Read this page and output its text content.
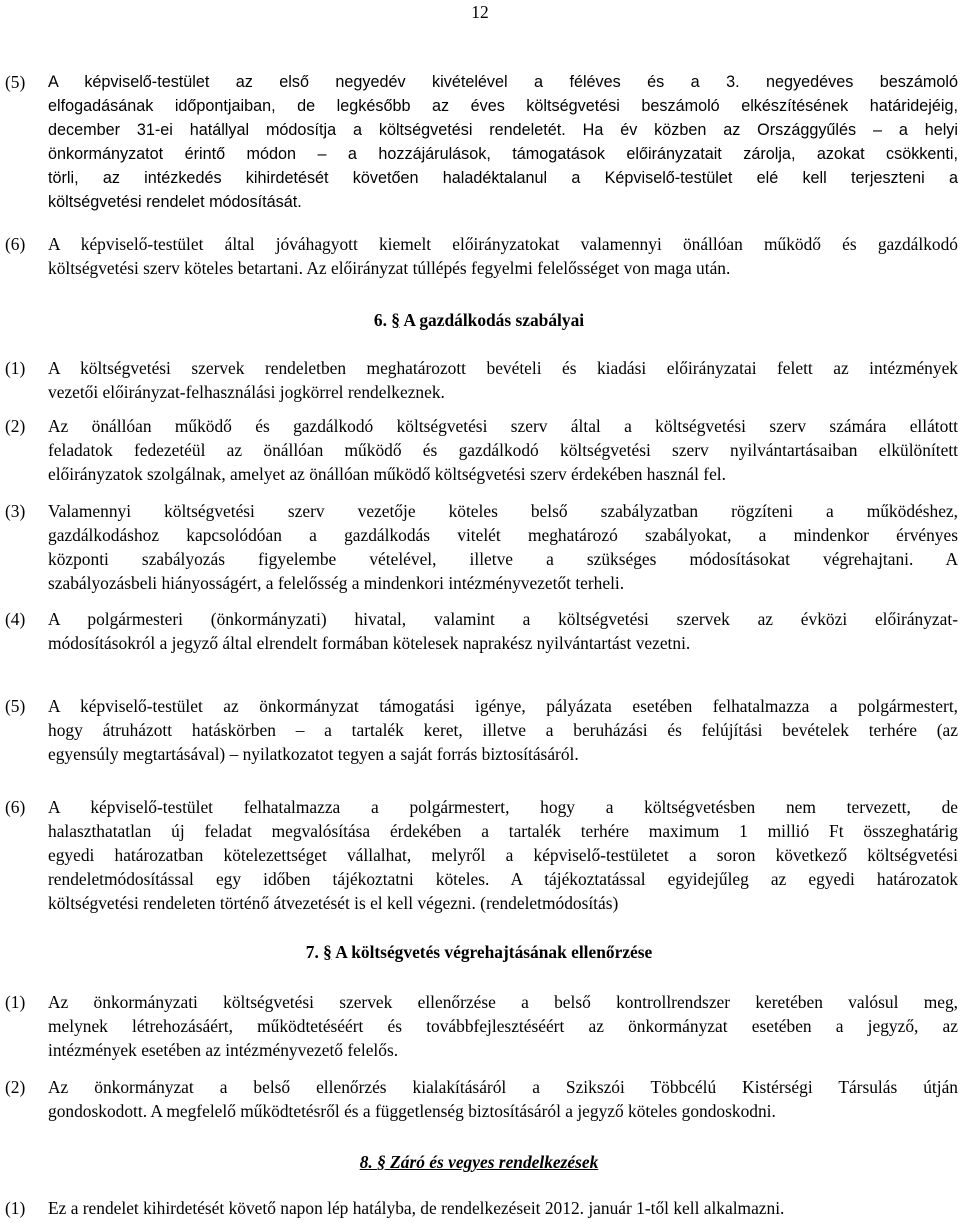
12
(5)	A képviselő-testület az első negyedév kivételével a féléves és a 3. negyedéves beszámoló
elfogadásának időpontjaiban, de legkésőbb az éves költségvetési beszámoló elkészítésének határidejéig,
december 31-ei hatállyal módosítja a költségvetési rendeletét. Ha év közben az Országgyűlés – a helyi
önkormányzatot érintő módon – a hozzájárulások, támogatások előirányzatait zárolja, azokat csökkenti,
törli, az intézkedés kihirdetését követően haladéktalanul a Képviselő-testület elé kell terjeszteni a
költségvetési rendelet módosítását.
(6)	A képviselő-testület által jóváhagyott kiemelt előirányzatokat valamennyi önállóan működő és gazdálkodó
költségvetési szerv köteles betartani. Az előirányzat túllépés fegyelmi felelősséget von maga után.
6. § A gazdálkodás szabályai
(1)	A költségvetési szervek rendeletben meghatározott bevételi és kiadási előirányzatai felett az intézmények
vezetői előirányzat-felhasználási jogkörrel rendelkeznek.
(2)	Az önállóan működő és gazdálkodó költségvetési szerv által a költségvetési szerv számára ellátott
feladatok fedezetéül az önállóan működő és gazdálkodó költségvetési szerv nyilvántartásaiban elkülönített
előirányzatok szolgálnak, amelyet az önállóan működő költségvetési szerv érdekében használ fel.
(3)	Valamennyi költségvetési szerv vezetője köteles belső szabályzatban rögzíteni a működéshez,
gazdálkodáshoz kapcsolódóan a gazdálkodás vitelét meghatározó szabályokat, a mindenkor érvényes
központi szabályozás figyelembe vételével, illetve a szükséges módosításokat végrehajtani. A
szabályozásbeli hiányosságért, a felelősség a mindenkori intézményvezetőt terheli.
(4)	A polgármesteri (önkormányzati) hivatal, valamint a költségvetési szervek az évközi előirányzat-
módosításokról a jegyző által elrendelt formában kötelesek naprakész nyilvántartást vezetni.
(5)	A képviselő-testület az önkormányzat támogatási igénye, pályázata esetében felhatalmazza a polgármestert,
hogy átruházott hatáskörben – a tartalék keret, illetve a beruházási és felújítási bevételek terhére (az
egyensúly megtartásával) – nyilatkozatot tegyen a saját forrás biztosításáról.
(6)	A képviselő-testület felhatalmazza a polgármestert, hogy a költségvetésben nem tervezett, de
halaszthatatlan új feladat megvalósítása érdekében a tartalék terhére maximum 1 millió Ft összeghatárig
egyedi határozatban kötelezettséget vállalhat, melyről a képviselő-testületet a soron következő költségvetési
rendeletmódosítással egy időben tájékoztatni köteles. A tájékoztatással egyidejűleg az egyedi határozatok
költségvetési rendeleten történő átvezetését is el kell végezni. (rendeletmódosítás)
7. § A költségvetés végrehajtásának ellenőrzése
(1)	Az önkormányzati költségvetési szervek ellenőrzése a belső kontrollrendszer keretében valósul meg,
melynek létrehozásáért, működtetéséért és továbbfejlesztéséért az önkormányzat esetében a jegyző, az
intézmények esetében az intézményvezető felelős.
(2)	Az önkormányzat a belső ellenőrzés kialakításáról a Szikszói Többcélú Kistérségi Társulás útján
gondoskodott. A megfelelő működtetésről és a függetlenség biztosításáról a jegyző köteles gondoskodni.
8. § Záró és vegyes rendelkezések
(1)	Ez a rendelet kihirdetését követő napon lép hatályba, de rendelkezéseit 2012. január 1-től kell alkalmazni.
